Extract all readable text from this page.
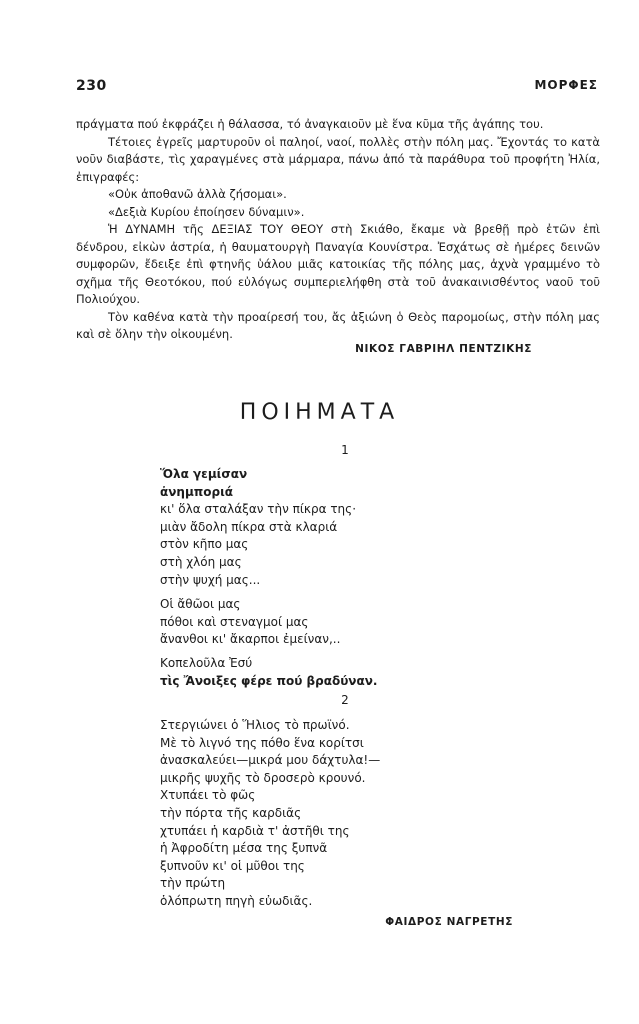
230	ΜΟΡΦΕΣ

πράγματα πού ἐκφράζει ἡ θάλασσα, τό ἀναγκαιοῦν μὲ ἕνα κῦμα τῆς ἀγάπης του.

Τέτοιες ἐγρεῖς μαρτυροῦν οἱ παληοί, ναοί, πολλὲς στὴν πόλη μας. Ἔχοντάς το κατὰ νοῦν διαβάστε, τὶς χαραγμένες στὰ μάρμαρα, πάνω ἀπό τὰ παράθυρα τοῦ προφήτη Ἠλία, ἐπιγραφές:

«Οὐκ ἀποθανῶ ἀλλὰ ζήσομαι».

«Δεξιὰ Κυρίου ἐποίησεν δύναμιν».

Ἡ ΔΥΝΑΜΗ τῆς ΔΕΞΙΑΣ ΤΟΥ ΘΕΟΥ στὴ Σκιάθο, ἔκαμε νὰ βρεθῇ πρὸ ἐτῶν ἐπὶ δένδρου, εἰκὼν ἀστρία, ἡ θαυματουργὴ Παναγία Κουνίστρα. Ἐσχάτως σὲ ἡμέρες δεινῶν συμφορῶν, ἔδειξε ἐπὶ φτηνῆς ὑάλου μιᾶς κατοικίας τῆς πόλης μας, ἀχνὰ γραμμένο τὸ σχῆμα τῆς Θεοτόκου, πού εὐλόγως συμπεριελήφθη στὰ τοῦ ἀνακαινισθέντος ναοῦ τοῦ Πολιούχου.

Τὸν καθένα κατὰ τὴν προαίρεσή του, ἄς ἀξιώνη ὁ Θεὸς παρομοίως, στὴν πόλη μας καὶ σὲ ὅλην τὴν οἰκουμένη.

ΝΙΚΟΣ ΓΑΒΡΙΗΛ ΠΕΝΤΖΙΚΗΣ
ΠΟΙΗΜΑΤΑ
1
Ὅλα γεμίσαν
ἀνημποριά
κι' ὅλα σταλάξαν τὴν πίκρα της·
μιὰν ἄδολη πίκρα στὰ κλαριά
στὸν κῆπο μας
στὴ χλόη μας
στὴν ψυχή μας...
Οἱ ἄθῶοι μας
πόθοι καὶ στεναγμοί μας
ἄνανθοι κι' ἄκαρποι ἐμείναν,..
Κοπελοῦλα Ἐσύ
τὶς Ἄνοιξες φέρε πού βραδύναν.
2
Στεργιώνει ὁ Ἥλιος τὸ πρωϊνό.
Μὲ τὸ λιγνό της πόθο ἕνα κορίτσι
ἀνασκαλεύει—μικρά μου δάχτυλα!—
μικρῆς ψυχῆς τὸ δροσερὸ κρουνό.
Χτυπάει τὸ φῶς
τὴν πόρτα τῆς καρδιᾶς
χτυπάει ἡ καρδιὰ τ' ἀστῆθι της
ἡ Ἀφροδίτη μέσα της ξυπνᾶ
ξυπνοῦν κι' οἱ μῦθοι της
τὴν πρώτη
ὁλόπρωτη πηγὴ εὐωδιᾶς.
ΦΑΙΔΡΟΣ ΝΑΓΡΕΤΗΣ
